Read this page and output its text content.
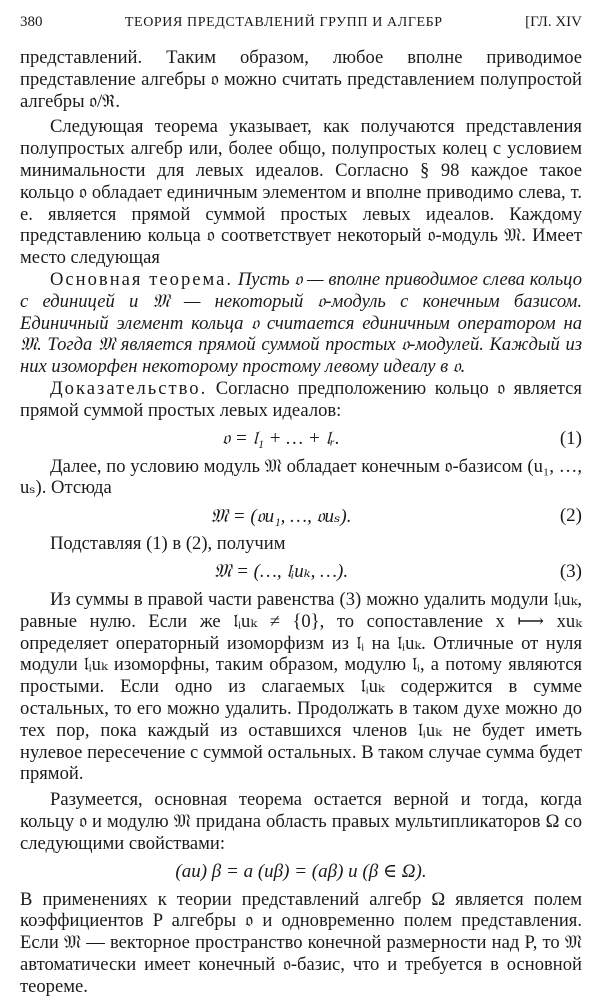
380	ТЕОРИЯ ПРЕДСТАВЛЕНИЙ ГРУПП И АЛГЕБР	[ГЛ. XIV

представлений. Таким образом, любое вполне приводимое представление алгебры 𝔬 можно считать представлением полупростой алгебры 𝔬/ℜ.

Следующая теорема указывает, как получаются представления полупростых алгебр или, более общо, полупростых колец с условием минимальности для левых идеалов. Согласно § 98 каждое такое кольцо 𝔬 обладает единичным элементом и вполне приводимо слева, т. е. является прямой суммой простых левых идеалов. Каждому представлению кольца 𝔬 соответствует некоторый 𝔬-модуль 𝔐. Имеет место следующая

Основная теорема. Пусть 𝔬 — вполне приводимое слева кольцо с единицей и 𝔐 — некоторый 𝔬-модуль с конечным базисом. Единичный элемент кольца 𝔬 считается единичным оператором на 𝔐. Тогда 𝔐 является прямой суммой простых 𝔬-модулей. Каждый из них изоморфен некоторому простому левому идеалу в 𝔬.

Доказательство. Согласно предположению кольцо 𝔬 является прямой суммой простых левых идеалов:

𝔬 = 𝔩₁ + … + 𝔩ᵣ.	(1)

Далее, по условию модуль 𝔐 обладает конечным 𝔬-базисом (u₁, …, uₛ). Отсюда

𝔐 = (𝔬u₁, …, 𝔬uₛ).	(2)

Подставляя (1) в (2), получим

𝔐 = (…, 𝔩ᵢuₖ, …).	(3)

Из суммы в правой части равенства (3) можно удалить модули 𝔩ᵢuₖ, равные нулю. Если же 𝔩ᵢuₖ ≠ {0}, то сопоставление x ⟼ xuₖ определяет операторный изоморфизм из 𝔩ᵢ на 𝔩ᵢuₖ. Отличные от нуля модули 𝔩ᵢuₖ изоморфны, таким образом, модулю 𝔩ᵢ, а потому являются простыми. Если одно из слагаемых 𝔩ᵢuₖ содержится в сумме остальных, то его можно удалить. Продолжать в таком духе можно до тех пор, пока каждый из оставшихся членов 𝔩ᵢuₖ не будет иметь нулевое пересечение с суммой остальных. В таком случае сумма будет прямой.

Разумеется, основная теорема остается верной и тогда, когда кольцу 𝔬 и модулю 𝔐 придана область правых мультипликаторов Ω со следующими свойствами:

(au) β = a (uβ) = (aβ) u (β ∈ Ω).

В применениях к теории представлений алгебр Ω является полем коэффициентов P алгебры 𝔬 и одновременно полем представления. Если 𝔐 — векторное пространство конечной размерности над P, то 𝔐 автоматически имеет конечный 𝔬-базис, что и требуется в основной теореме.
